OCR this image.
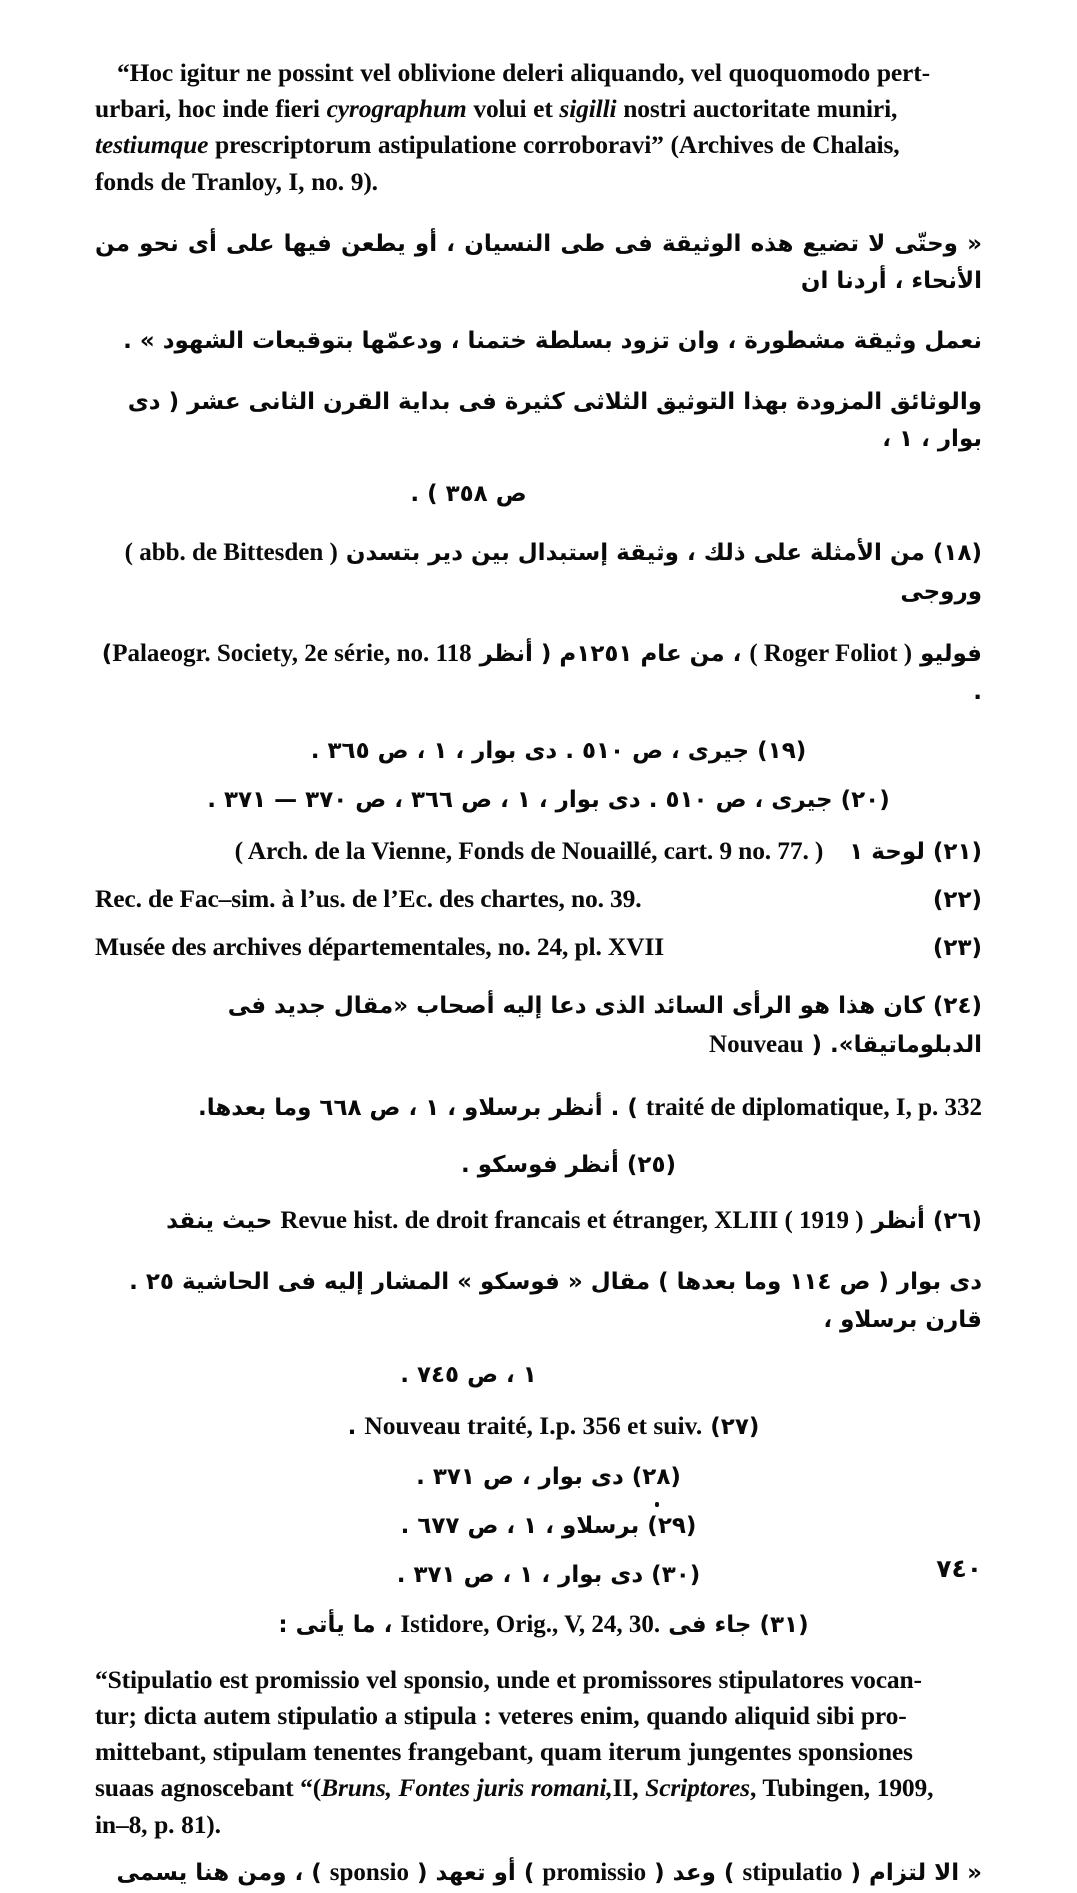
“Hoc igitur ne possint vel oblivione deleri aliquando, vel quoquomodo pert-

urbari, hoc inde fieri cyrographum volui et sigilli nostri auctoritate muniri,

testiumque prescriptorum astipulatione corroboravi” (Archives de Chalais,

fonds de Tranloy, I, no. 9).

« وحتّى لا تضيع هذه الوثيقة فى طى النسيان ، أو يطعن فيها على أى نحو من الأنحاء ، أردنا ان

نعمل وثيقة مشطورة ، وان تزود بسلطة ختمنا ، ودعمّها بتوقيعات الشهود » .

والوثائق المزودة بهذا التوثيق الثلاثى كثيرة فى بداية القرن الثانى عشر ( دى بوار ، ١ ،

ص ٣٥٨ ) .

(١٨) من الأمثلة على ذلك ، وثيقة إستبدال بين دير بتسدن ( abb. de Bittesden ) وروجى

فوليو ( Roger Foliot ) ، من عام ١٢٥١م ( أنظر Palaeogr. Society, 2e série, no. 118) .

(١٩) جيرى ، ص ٥١٠ . دى بوار ، ١ ، ص ٣٦٥ .

(٢٠) جيرى ، ص ٥١٠ . دى بوار ، ١ ، ص ٣٦٦ ، ص ٣٧٠ — ٣٧١ .

(٢١) لوحة ١
( Arch. de la Vienne, Fonds de Nouaillé, cart. 9 no. 77. )
(٢٢)
Rec. de Fac–sim. à l’us. de l’Ec. des chartes, no. 39.
(٢٣)
Musée des archives départementales, no. 24, pl. XVII

(٢٤) كان هذا هو الرأى السائد الذى دعا إليه أصحاب «مقال جديد فى الدبلوماتيقا». ( Nouveau

traité de diplomatique, I, p. 332 ) . أنظر برسلاو ، ١ ، ص ٦٦٨ وما بعدها.

(٢٥) أنظر فوسكو .

(٢٦) أنظر Revue hist. de droit francais et étranger, XLIII ( 1919 ) حيث ينقد

دى بوار ( ص ١١٤ وما بعدها ) مقال « فوسكو » المشار إليه فى الحاشية ٢٥ . قارن برسلاو ،

١ ، ص ٧٤٥ .

(٢٧) Nouveau traité, I.p. 356 et suiv. .

(٢٨) دى بوار ، ص ٣٧١ .

(٢٩) برسلاو ، ١ ، ص ٦٧٧ .

(٣٠) دى بوار ، ١ ، ص ٣٧١ .

(٣١) جاء فى Istidore, Orig., V, 24, 30. ، ما يأتى :

“Stipulatio est promissio vel sponsio, unde et promissores stipulatores vocan-

tur; dicta autem stipulatio a stipula : veteres enim, quando aliquid sibi pro-

mittebant, stipulam tenentes frangebant, quam iterum jungentes sponsiones

suaas agnoscebant “(Bruns, Fontes juris romani,II, Scriptores, Tubingen, 1909,

in–8, p. 81).

« الا لتزام ( stipulatio ) وعد ( promissio ) أو تعهد ( sponsio ) ، ومن هنا يسمى

٧٤٠
